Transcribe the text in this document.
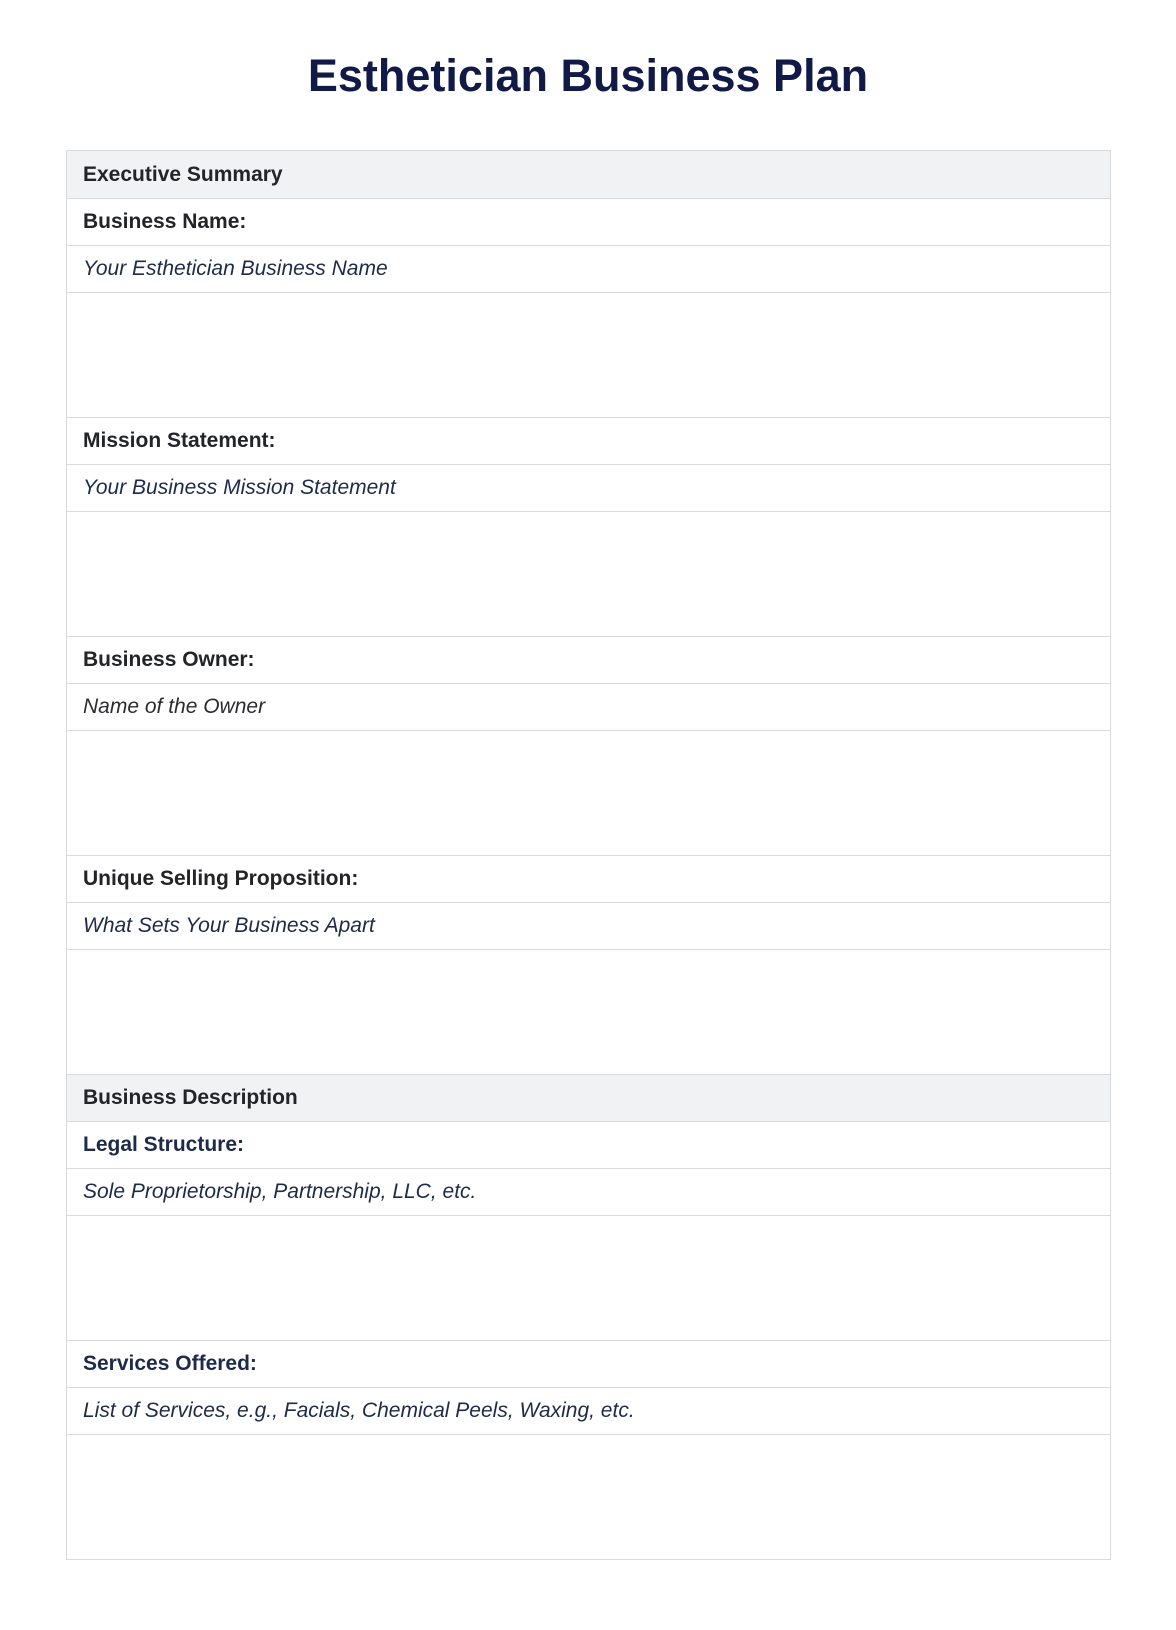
Esthetician Business Plan
Executive Summary
Business Name:
Your Esthetician Business Name
Mission Statement:
Your Business Mission Statement
Business Owner:
Name of the Owner
Unique Selling Proposition:
What Sets Your Business Apart
Business Description
Legal Structure:
Sole Proprietorship, Partnership, LLC, etc.
Services Offered:
List of Services, e.g., Facials, Chemical Peels, Waxing, etc.
